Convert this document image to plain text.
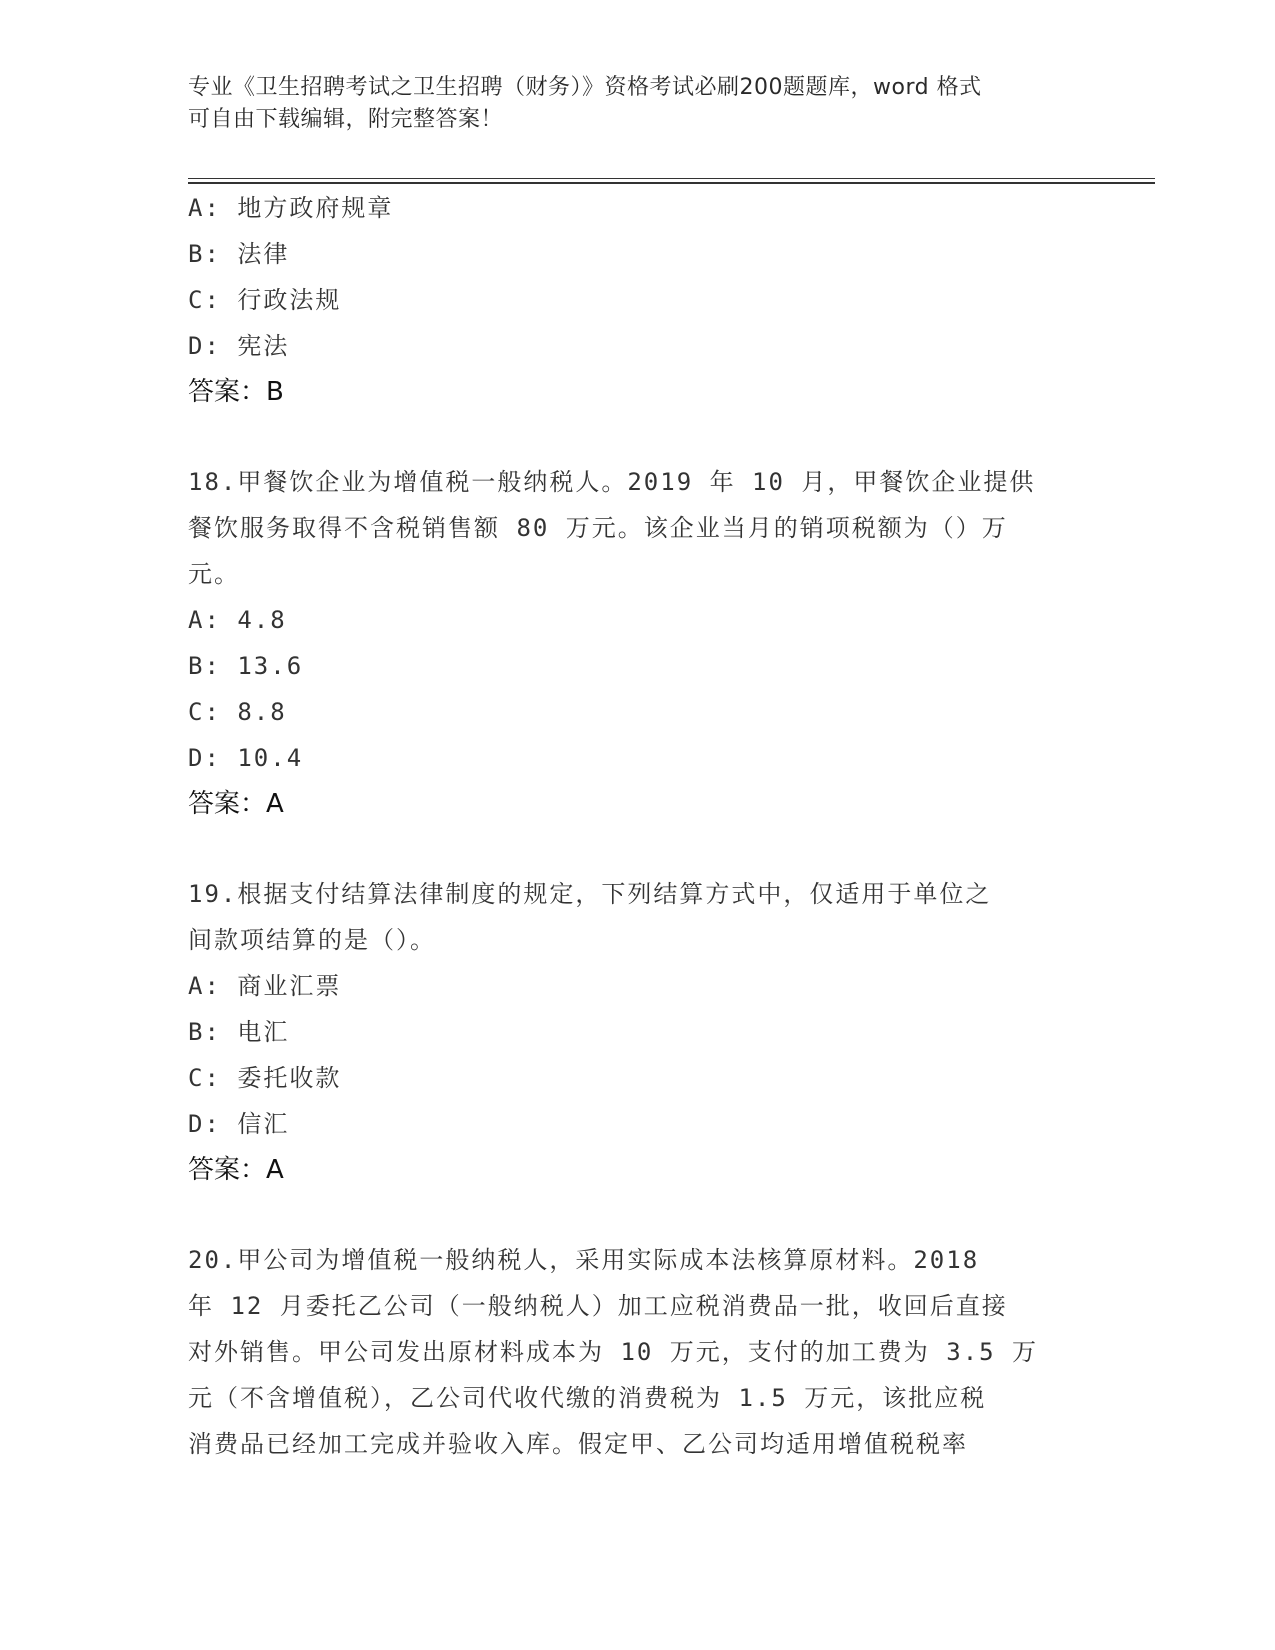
专业《卫生招聘考试之卫生招聘（财务）》资格考试必刷200题题库，word 格式
可自由下载编辑，附完整答案！
A: 地方政府规章
B: 法律
C: 行政法规
D: 宪法
答案：B
18.甲餐饮企业为增值税一般纳税人。2019 年 10 月，甲餐饮企业提供
餐饮服务取得不含税销售额 80 万元。该企业当月的销项税额为（）万
元。
A: 4.8
B: 13.6
C: 8.8
D: 10.4
答案：A
19.根据支付结算法律制度的规定，下列结算方式中，仅适用于单位之
间款项结算的是（）。
A: 商业汇票
B: 电汇
C: 委托收款
D: 信汇
答案：A
20.甲公司为增值税一般纳税人，采用实际成本法核算原材料。2018
年 12 月委托乙公司（一般纳税人）加工应税消费品一批，收回后直接
对外销售。甲公司发出原材料成本为 10 万元，支付的加工费为 3.5 万
元（不含增值税），乙公司代收代缴的消费税为 1.5 万元，该批应税
消费品已经加工完成并验收入库。假定甲、乙公司均适用增值税税率
